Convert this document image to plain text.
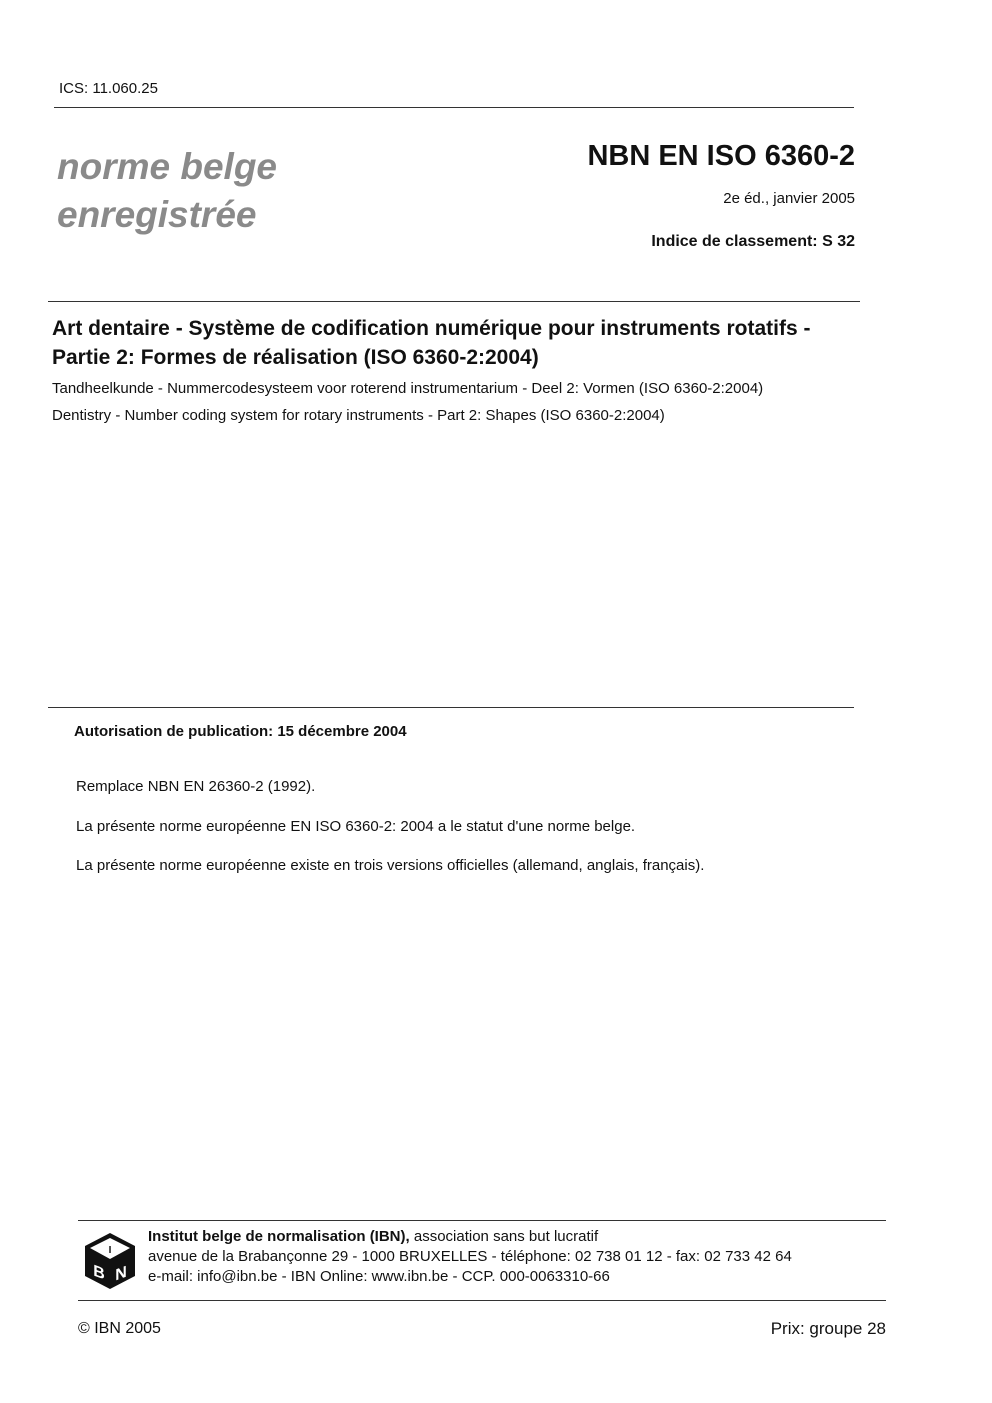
ICS: 11.060.25
norme belge
enregistrée
NBN EN ISO 6360-2
2e éd., janvier 2005
Indice de classement: S 32
Art dentaire - Système de codification numérique pour instruments rotatifs - Partie 2: Formes de réalisation (ISO 6360-2:2004)
Tandheelkunde - Nummercodesysteem voor roterend instrumentarium - Deel 2: Vormen (ISO 6360-2:2004)
Dentistry - Number coding system for rotary instruments - Part 2: Shapes (ISO 6360-2:2004)
Autorisation de publication: 15 décembre 2004
Remplace NBN EN 26360-2 (1992).
La présente norme européenne EN ISO 6360-2: 2004 a le statut d'une norme belge.
La présente norme européenne existe en trois versions officielles (allemand, anglais, français).
I
B N
Institut belge de normalisation (IBN), association sans but lucratif
avenue de la Brabançonne 29 - 1000 BRUXELLES - téléphone: 02 738 01 12 - fax: 02 733 42 64
e-mail: info@ibn.be - IBN Online: www.ibn.be - CCP. 000-0063310-66
© IBN 2005	Prix: groupe 28
